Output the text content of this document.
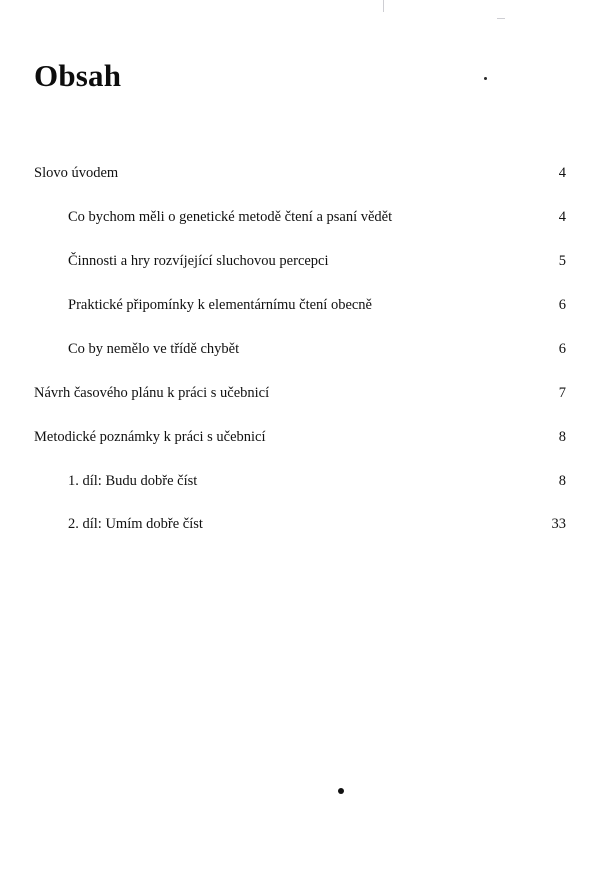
Obsah
Slovo úvodem	4
Co bychom měli o genetické metodě čtení a psaní vědět	4
Činnosti a hry rozvíjející sluchovou percepci	5
Praktické připomínky k elementárnímu čtení obecně	6
Co by nemělo ve třídě chybět	6
Návrh časového plánu k práci s učebnicí	7
Metodické poznámky k práci s učebnicí	8
1. díl: Budu dobře číst	8
2. díl: Umím dobře číst	33
